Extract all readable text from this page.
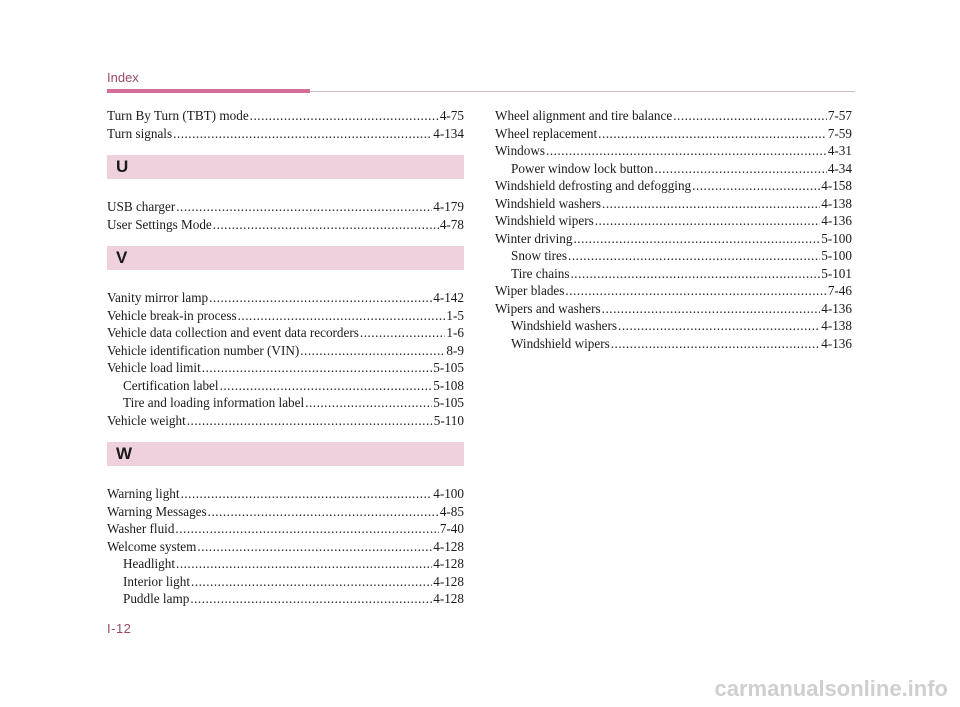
Index
Turn By Turn (TBT) mode .....	4-75
Turn signals .....	4-134
U
USB charger .....	4-179
User Settings Mode .....	4-78
V
Vanity mirror lamp .....	4-142
Vehicle break-in process .....	1-5
Vehicle data collection and event data recorders .....	1-6
Vehicle identification number (VIN) .....	8-9
Vehicle load limit .....	5-105
Certification label .....	5-108
Tire and loading information label .....	5-105
Vehicle weight .....	5-110
W
Warning light .....	4-100
Warning Messages .....	4-85
Washer fluid .....	7-40
Welcome system .....	4-128
Headlight .....	4-128
Interior light .....	4-128
Puddle lamp .....	4-128
Wheel alignment and tire balance .....	7-57
Wheel replacement .....	7-59
Windows .....	4-31
Power window lock button .....	4-34
Windshield defrosting and defogging .....	4-158
Windshield washers .....	4-138
Windshield wipers .....	4-136
Winter driving .....	5-100
Snow tires .....	5-100
Tire chains .....	5-101
Wiper blades .....	7-46
Wipers and washers .....	4-136
Windshield washers .....	4-138
Windshield wipers .....	4-136
I-12
carmanualsonline.info
